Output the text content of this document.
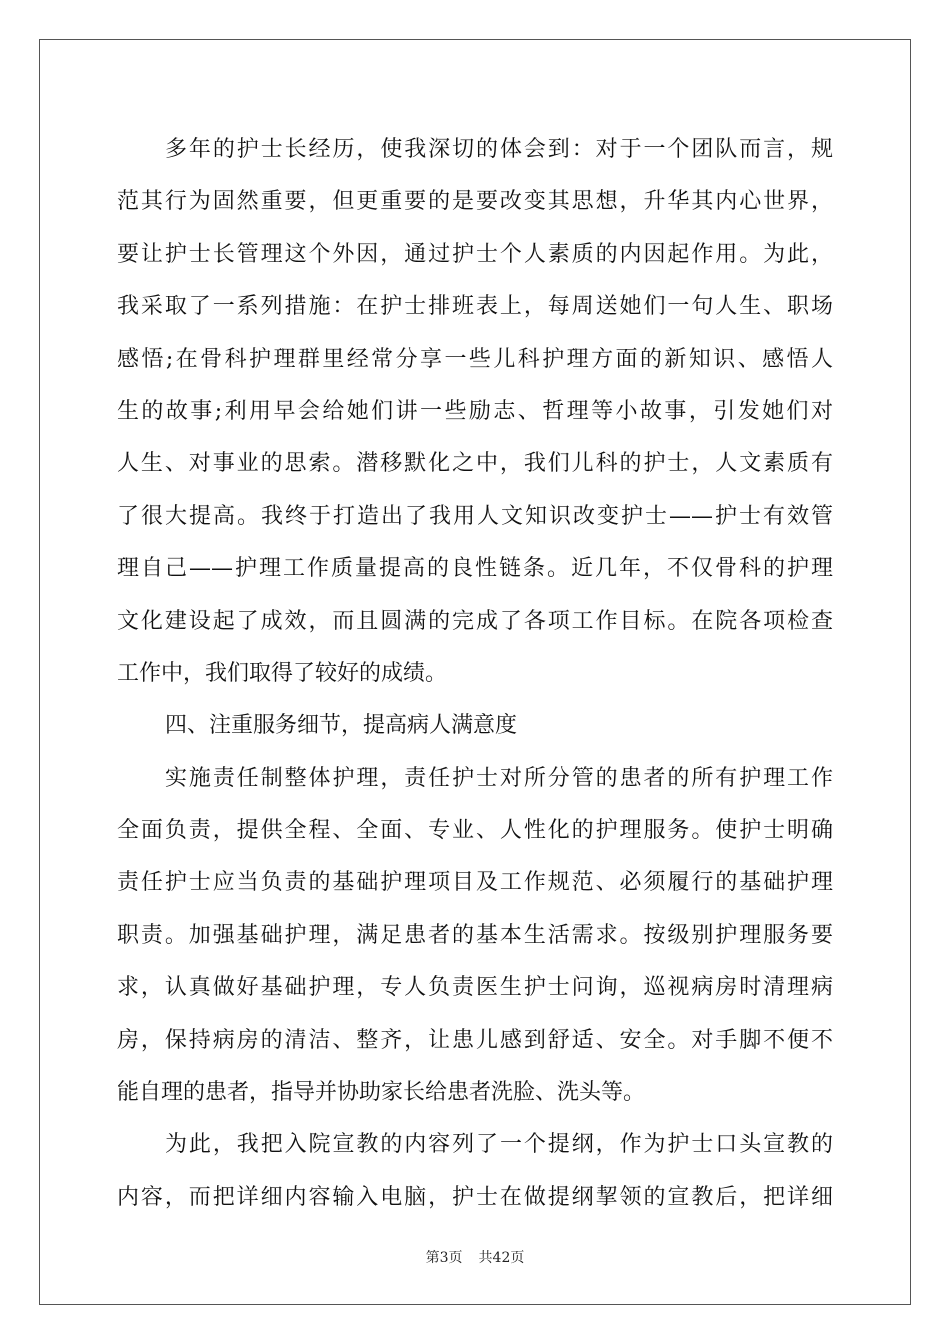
多年的护士长经历，使我深切的体会到：对于一个团队而言，规
范其行为固然重要，但更重要的是要改变其思想，升华其内心世界，
要让护士长管理这个外因，通过护士个人素质的内因起作用。为此，
我采取了一系列措施：在护士排班表上，每周送她们一句人生、职场
感悟;在骨科护理群里经常分享一些儿科护理方面的新知识、感悟人
生的故事;利用早会给她们讲一些励志、哲理等小故事，引发她们对
人生、对事业的思索。潜移默化之中，我们儿科的护士，人文素质有
了很大提高。我终于打造出了我用人文知识改变护士——护士有效管
理自己——护理工作质量提高的良性链条。近几年，不仅骨科的护理
文化建设起了成效，而且圆满的完成了各项工作目标。在院各项检查
工作中，我们取得了较好的成绩。
四、注重服务细节，提高病人满意度
实施责任制整体护理，责任护士对所分管的患者的所有护理工作
全面负责，提供全程、全面、专业、人性化的护理服务。使护士明确
责任护士应当负责的基础护理项目及工作规范、必须履行的基础护理
职责。加强基础护理，满足患者的基本生活需求。按级别护理服务要
求，认真做好基础护理，专人负责医生护士问询，巡视病房时清理病
房，保持病房的清洁、整齐，让患儿感到舒适、安全。对手脚不便不
能自理的患者，指导并协助家长给患者洗脸、洗头等。
为此，我把入院宣教的内容列了一个提纲，作为护士口头宣教的
内容，而把详细内容输入电脑，护士在做提纲挈领的宣教后，把详细
第3页 共42页
